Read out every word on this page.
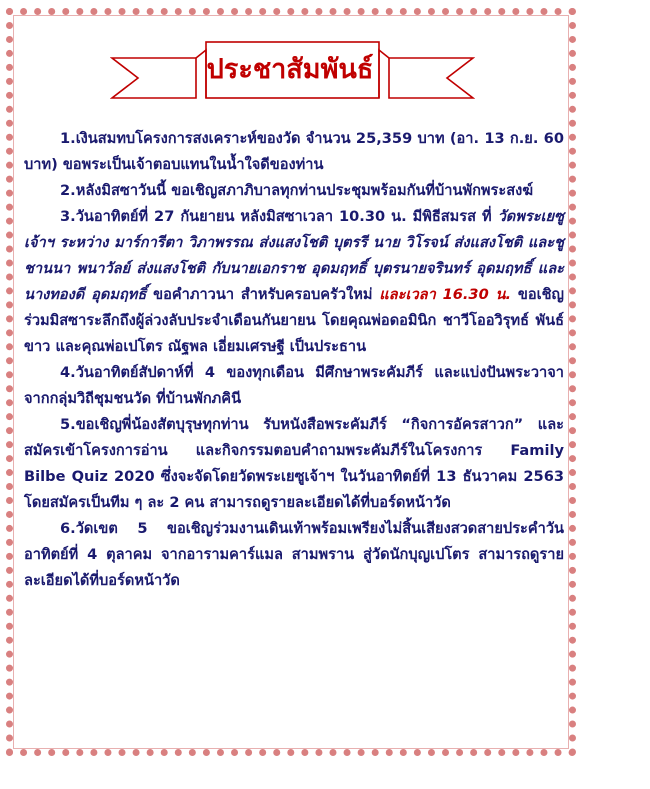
ประชาสัมพันธ์

1.เงินสมทบโครงการสงเคราะห์ของวัด จำนวน 25,359 บาท (อา. 13 ก.ย. 60 บาท) ขอพระเป็นเจ้าตอบแทนในน้ำใจดีของท่าน

2.หลังมิสซาวันนี้ ขอเชิญสภาภิบาลทุกท่านประชุมพร้อมกันที่บ้านพักพระสงฆ์

3.วันอาทิตย์ที่ 27 กันยายน หลังมิสซาเวลา 10.30 น. มีพิธีสมรส ที่ วัดพระเยซูเจ้าฯ ระหว่าง มาร์การีตา วิภาพรรณ ส่งแสงโชติ บุตรรี นาย วิโรจน์ ส่งแสงโชติ และชูชานนา พนาวัลย์ ส่งแสงโชติ กับนายเอกราช อุดมฤทธิ์ บุตรนายจรินทร์ อุดมฤทธิ์ และนางทองดี อุดมฤทธิ์ ขอคำภาวนา สำหรับครอบครัวใหม่ และเวลา 16.30 น. ขอเชิญร่วมมิสซาระลึกถึงผู้ล่วงลับประจำเดือนกันยายน โดยคุณพ่อดอมินิก ชาวีโออวิรุทธ์ พันธ์ขาว และคุณพ่อเปโตร ณัฐพล เอี่ยมเศรษฐี เป็นประธาน

4.วันอาทิตย์สัปดาห์ที่ 4 ของทุกเดือน มีศึกษาพระคัมภีร์ และแบ่งปันพระวาจาจากกลุ่มวิถีชุมชนวัด ที่บ้านพักภคินี

5.ขอเชิญพี่น้องสัตบุรุษทุกท่าน รับหนังสือพระคัมภีร์ “กิจการอัครสาวก” และสมัครเข้าโครงการอ่าน และกิจกรรมตอบคำถามพระคัมภีร์ในโครงการ Family Bilbe Quiz 2020 ซึ่งจะจัดโดยวัดพระเยซูเจ้าฯ ในวันอาทิตย์ที่ 13 ธันวาคม 2563 โดยสมัครเป็นทีม ๆ ละ 2 คน สามารถดูรายละเอียดได้ที่บอร์ดหน้าวัด

6.วัดเขต 5 ขอเชิญร่วมงานเดินเท้าพร้อมเพรียงไม่สิ้นเสียงสวดสายประคำวันอาทิตย์ที่ 4 ตุลาคม จากอารามคาร์แมล สามพราน สู่วัดนักบุญเปโตร สามารถดูรายละเอียดได้ที่บอร์ดหน้าวัด
